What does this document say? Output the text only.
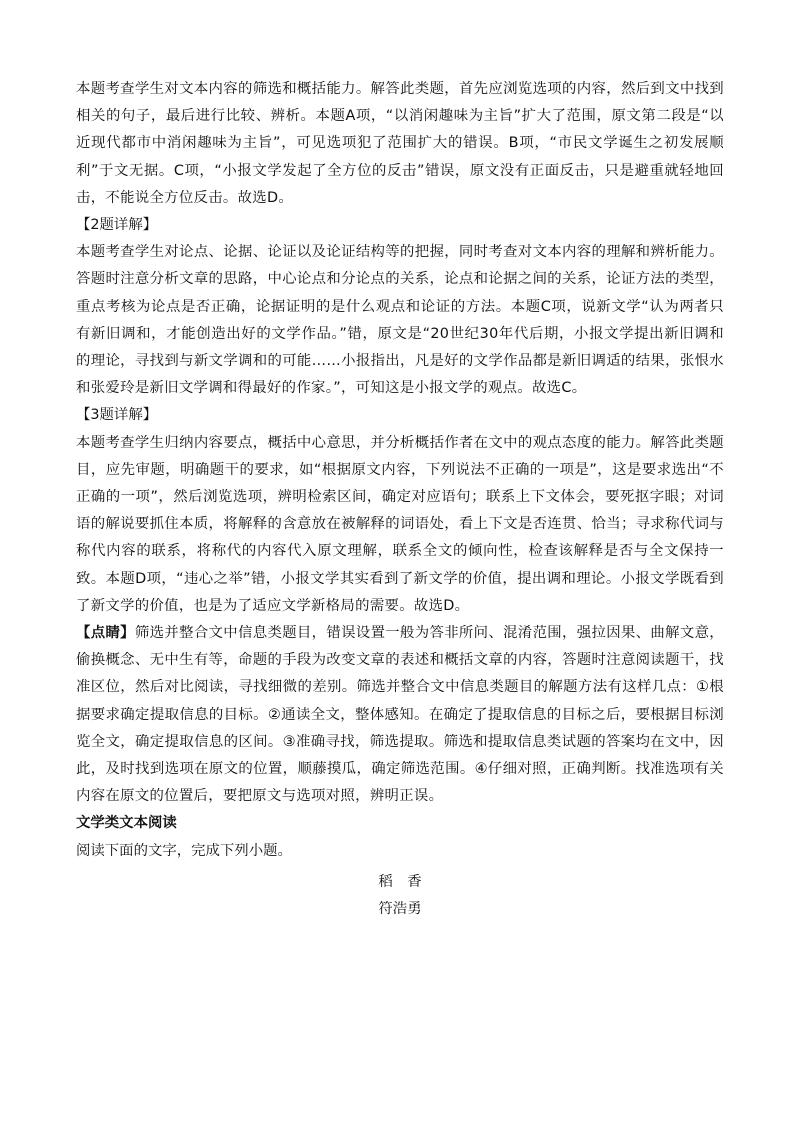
本题考查学生对文本内容的筛选和概括能力。解答此类题，首先应浏览选项的内容，然后到文中找到相关的句子，最后进行比较、辨析。本题A项，“以消闲趣味为主旨”扩大了范围，原文第二段是“以近现代都市中消闲趣味为主旨”，可见选项犯了范围扩大的错误。B项，“市民文学诞生之初发展顺利”于文无据。C项，“小报文学发起了全方位的反击”错误，原文没有正面反击，只是避重就轻地回击，不能说全方位反击。故选D。

【2题详解】

本题考查学生对论点、论据、论证以及论证结构等的把握，同时考查对文本内容的理解和辨析能力。答题时注意分析文章的思路，中心论点和分论点的关系，论点和论据之间的关系，论证方法的类型，重点考核为论点是否正确，论据证明的是什么观点和论证的方法。本题C项，说新文学“认为两者只有新旧调和，才能创造出好的文学作品。”错，原文是“20世纪30年代后期，小报文学提出新旧调和的理论，寻找到与新文学调和的可能……小报指出，凡是好的文学作品都是新旧调适的结果，张恨水和张爱玲是新旧文学调和得最好的作家。”，可知这是小报文学的观点。故选C。

【3题详解】

本题考查学生归纳内容要点，概括中心意思，并分析概括作者在文中的观点态度的能力。解答此类题目，应先审题，明确题干的要求，如“根据原文内容，下列说法不正确的一项是”，这是要求选出“不正确的一项”，然后浏览选项，辨明检索区间，确定对应语句；联系上下文体会，要死抠字眼；对词语的解说要抓住本质，将解释的含意放在被解释的词语处，看上下文是否连贯、恰当；寻求称代词与称代内容的联系，将称代的内容代入原文理解，联系全文的倾向性，检查该解释是否与全文保持一致。本题D项，“违心之举”错，小报文学其实看到了新文学的价值，提出调和理论。小报文学既看到了新文学的价值，也是为了适应文学新格局的需要。故选D。

【点睛】筛选并整合文中信息类题目，错误设置一般为答非所问、混淆范围，强拉因果、曲解文意，偷换概念、无中生有等，命题的手段为改变文章的表述和概括文章的内容，答题时注意阅读题干，找准区位，然后对比阅读，寻找细微的差别。筛选并整合文中信息类题目的解题方法有这样几点：①根据要求确定提取信息的目标。②通读全文，整体感知。在确定了提取信息的目标之后，要根据目标浏览全文，确定提取信息的区间。③准确寻找，筛选提取。筛选和提取信息类试题的答案均在文中，因此，及时找到选项在原文的位置，顺藤摸瓜，确定筛选范围。④仔细对照，正确判断。找准选项有关内容在原文的位置后，要把原文与选项对照，辨明正误。

文学类文本阅读

阅读下面的文字，完成下列小题。

稻　香

符浩勇
